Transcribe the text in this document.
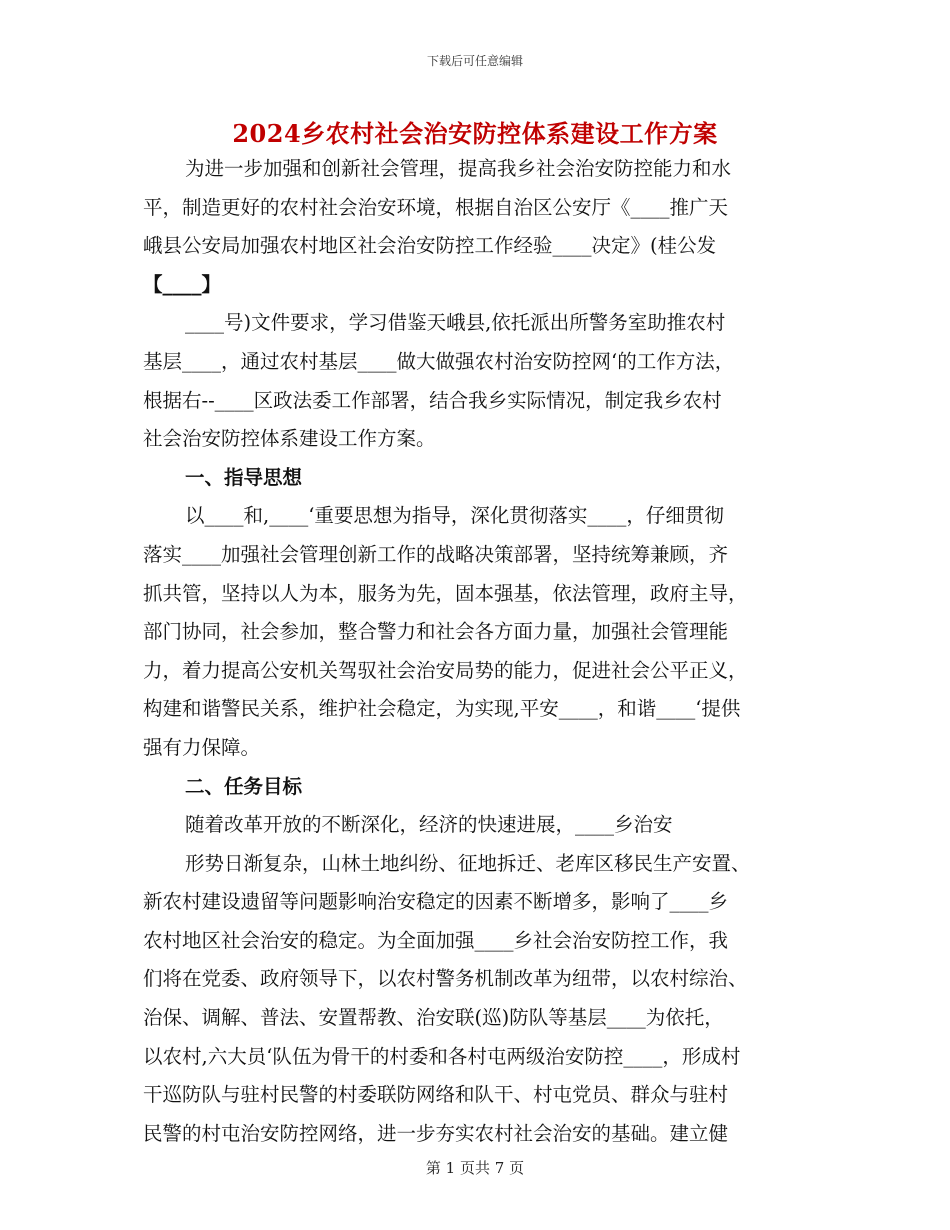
下载后可任意编辑
2024乡农村社会治安防控体系建设工作方案
为进一步加强和创新社会管理，提高我乡社会治安防控能力和水
平，制造更好的农村社会治安环境，根据自治区公安厅《____推广天
峨县公安局加强农村地区社会治安防控工作经验____决定》(桂公发
【____】
____号)文件要求，学习借鉴天峨县,依托派出所警务室助推农村
基层____，通过农村基层____做大做强农村治安防控网‘的工作方法，
根据右--____区政法委工作部署，结合我乡实际情况，制定我乡农村
社会治安防控体系建设工作方案。
一、指导思想
以____和,____‘重要思想为指导，深化贯彻落实____，仔细贯彻
落实____加强社会管理创新工作的战略决策部署，坚持统筹兼顾，齐
抓共管，坚持以人为本，服务为先，固本强基，依法管理，政府主导，
部门协同，社会参加，整合警力和社会各方面力量，加强社会管理能
力，着力提高公安机关驾驭社会治安局势的能力，促进社会公平正义，
构建和谐警民关系，维护社会稳定，为实现,平安____，和谐____‘提供
强有力保障。
二、任务目标
随着改革开放的不断深化，经济的快速进展，____乡治安
形势日渐复杂，山林土地纠纷、征地拆迁、老库区移民生产安置、
新农村建设遗留等问题影响治安稳定的因素不断增多，影响了____乡
农村地区社会治安的稳定。为全面加强____乡社会治安防控工作，我
们将在党委、政府领导下，以农村警务机制改革为纽带，以农村综治、
治保、调解、普法、安置帮教、治安联(巡)防队等基层____为依托，
以农村,六大员‘队伍为骨干的村委和各村屯两级治安防控____，形成村
干巡防队与驻村民警的村委联防网络和队干、村屯党员、群众与驻村
民警的村屯治安防控网络，进一步夯实农村社会治安的基础。建立健
第 1 页共 7 页
